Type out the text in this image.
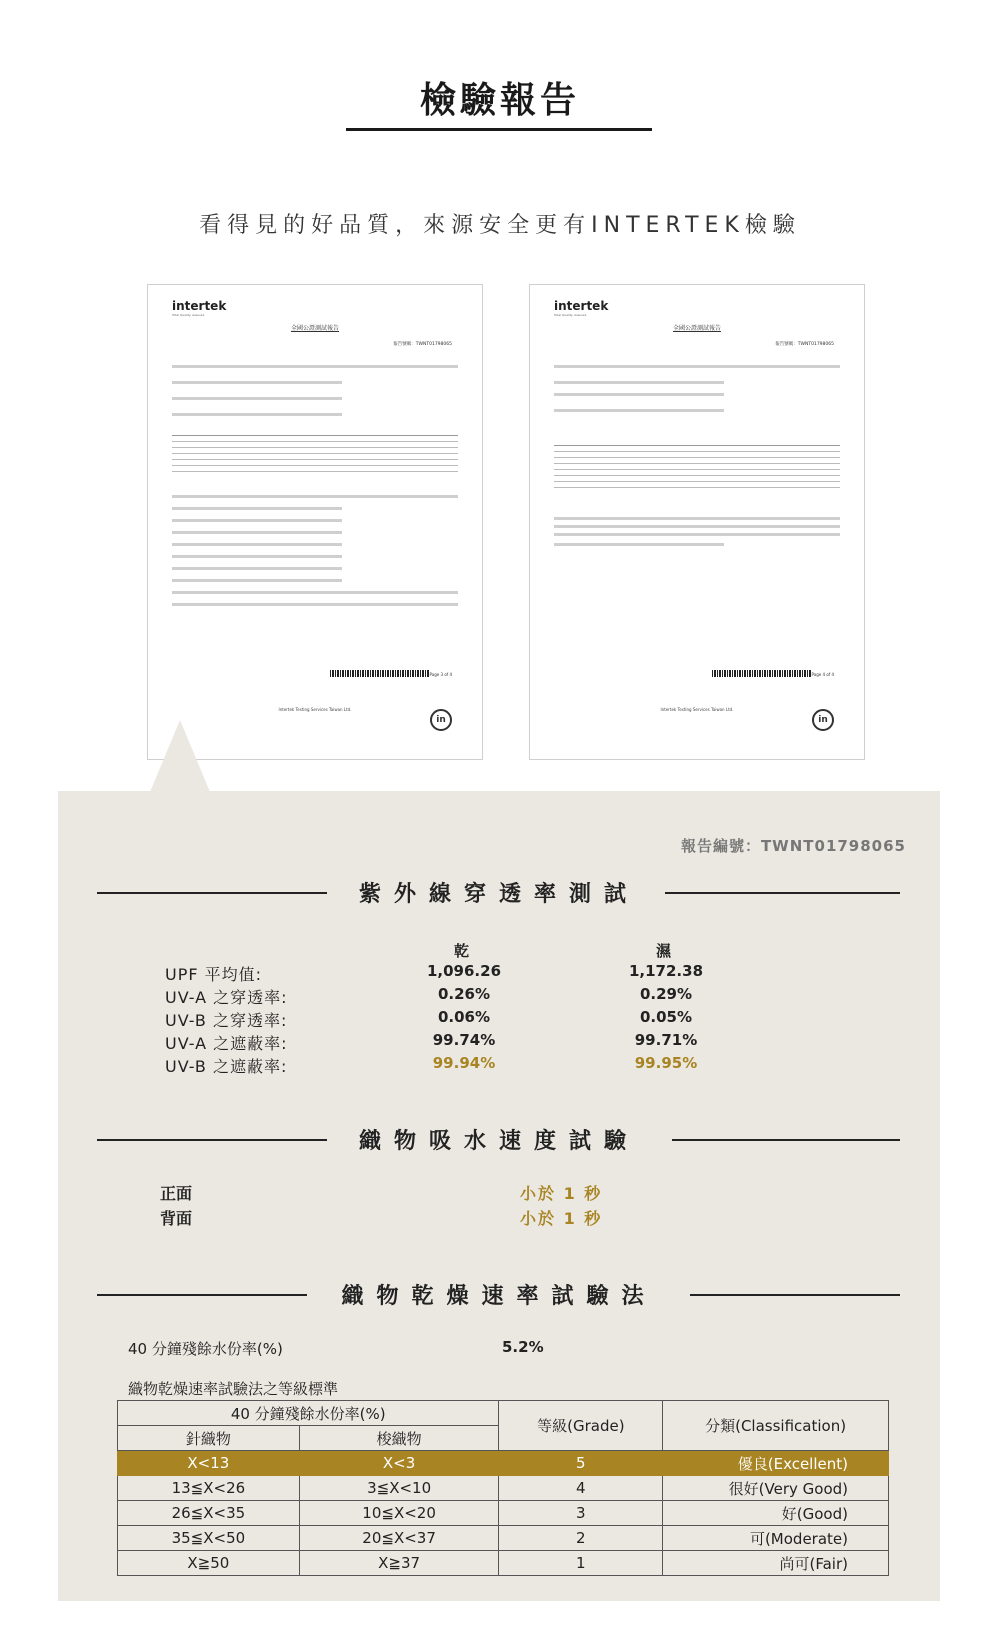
檢驗報告
看得見的好品質，來源安全更有INTERTEK檢驗
intertek
Total Quality. Assured.
全國公證測試報告
報告號碼：TWNT01798065
Page 3 of 4
Intertek Testing Services Taiwan Ltd.
in
intertek
Total Quality. Assured.
全國公證測試報告
報告號碼：TWNT01798065
Page 4 of 4
Intertek Testing Services Taiwan Ltd.
in
報告編號：TWNT01798065
紫外線穿透率測試
乾	濕
UPF 平均值:	1,096.26	1,172.38
UV-A 之穿透率:	0.26%	0.29%
UV-B 之穿透率:	0.06%	0.05%
UV-A 之遮蔽率:	99.74%	99.71%
UV-B 之遮蔽率:	99.94%	99.95%
織物吸水速度試驗
正面	小於 1 秒
背面	小於 1 秒
織物乾燥速率試驗法
40 分鐘殘餘水份率(%)	5.2%
織物乾燥速率試驗法之等級標準
40 分鐘殘餘水份率(%)		等級(Grade)	分類(Classification)
針織物	梭織物		
X<13	X<3	5	優良(Excellent)
13≦X<26	3≦X<10	4	很好(Very Good)
26≦X<35	10≦X<20	3	好(Good)
35≦X<50	20≦X<37	2	可(Moderate)
X≧50	X≧37	1	尚可(Fair)
